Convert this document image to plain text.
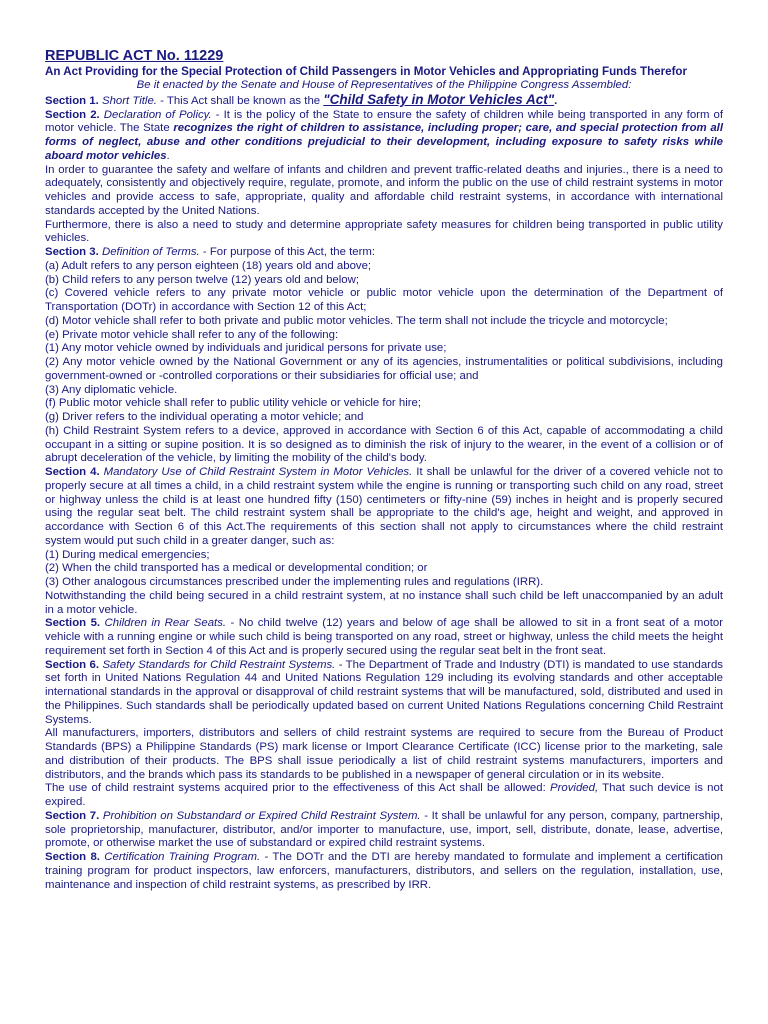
REPUBLIC ACT No. 11229

An Act Providing for the Special Protection of Child Passengers in Motor Vehicles and Appropriating Funds Therefor

Be it enacted by the Senate and House of Representatives of the Philippine Congress Assembled:

Section 1. Short Title. - This Act shall be known as the "Child Safety in Motor Vehicles Act".

Section 2. Declaration of Policy. - It is the policy of the State to ensure the safety of children while being transported in any form of motor vehicle. The State recognizes the right of children to assistance, including proper; care, and special protection from all forms of neglect, abuse and other conditions prejudicial to their development, including exposure to safety risks while aboard motor vehicles.

In order to guarantee the safety and welfare of infants and children and prevent traffic-related deaths and injuries., there is a need to adequately, consistently and objectively require, regulate, promote, and inform the public on the use of child restraint systems in motor vehicles and provide access to safe, appropriate, quality and affordable child restraint systems, in accordance with international standards accepted by the United Nations.

Furthermore, there is also a need to study and determine appropriate safety measures for children being transported in public utility vehicles.

Section 3. Definition of Terms. - For purpose of this Act, the term:

(a) Adult refers to any person eighteen (18) years old and above;

(b) Child refers to any person twelve (12) years old and below;

(c) Covered vehicle refers to any private motor vehicle or public motor vehicle upon the determination of the Department of Transportation (DOTr) in accordance with Section 12 of this Act;

(d) Motor vehicle shall refer to both private and public motor vehicles. The term shall not include the tricycle and motorcycle;

(e) Private motor vehicle shall refer to any of the following:

(1) Any motor vehicle owned by individuals and juridical persons for private use;

(2) Any motor vehicle owned by the National Government or any of its agencies, instrumentalities or political subdivisions, including government-owned or -controlled corporations or their subsidiaries for official use; and

(3) Any diplomatic vehicle.

(f) Public motor vehicle shall refer to public utility vehicle or vehicle for hire;

(g) Driver refers to the individual operating a motor vehicle; and

(h) Child Restraint System refers to a device, approved in accordance with Section 6 of this Act, capable of accommodating a child occupant in a sitting or supine position. It is so designed as to diminish the risk of injury to the wearer, in the event of a collision or of abrupt deceleration of the vehicle, by limiting the mobility of the child's body.

Section 4. Mandatory Use of Child Restraint System in Motor Vehicles. It shall be unlawful for the driver of a covered vehicle not to properly secure at all times a child, in a child restraint system while the engine is running or transporting such child on any road, street or highway unless the child is at least one hundred fifty (150) centimeters or fifty-nine (59) inches in height and is properly secured using the regular seat belt. The child restraint system shall be appropriate to the child's age, height and weight, and approved in accordance with Section 6 of this Act.The requirements of this section shall not apply to circumstances where the child restraint system would put such child in a greater danger, such as:

(1) During medical emergencies;

(2) When the child transported has a medical or developmental condition; or

(3) Other analogous circumstances prescribed under the implementing rules and regulations (IRR).

Notwithstanding the child being secured in a child restraint system, at no instance shall such child be left unaccompanied by an adult in a motor vehicle.

Section 5. Children in Rear Seats. - No child twelve (12) years and below of age shall be allowed to sit in a front seat of a motor vehicle with a running engine or while such child is being transported on any road, street or highway, unless the child meets the height requirement set forth in Section 4 of this Act and is properly secured using the regular seat belt in the front seat.

Section 6. Safety Standards for Child Restraint Systems. - The Department of Trade and Industry (DTI) is mandated to use standards set forth in United Nations Regulation 44 and United Nations Regulation 129 including its evolving standards and other acceptable international standards in the approval or disapproval of child restraint systems that will be manufactured, sold, distributed and used in the Philippines. Such standards shall be periodically updated based on current United Nations Regulations concerning Child Restraint Systems.

All manufacturers, importers, distributors and sellers of child restraint systems are required to secure from the Bureau of Product Standards (BPS) a Philippine Standards (PS) mark license or Import Clearance Certificate (ICC) license prior to the marketing, sale and distribution of their products. The BPS shall issue periodically a list of child restraint systems manufacturers, importers and distributors, and the brands which pass its standards to be published in a newspaper of general circulation or in its website.

The use of child restraint systems acquired prior to the effectiveness of this Act shall be allowed: Provided, That such device is not expired.

Section 7. Prohibition on Substandard or Expired Child Restraint System. - It shall be unlawful for any person, company, partnership, sole proprietorship, manufacturer, distributor, and/or importer to manufacture, use, import, sell, distribute, donate, lease, advertise, promote, or otherwise market the use of substandard or expired child restraint systems.

Section 8. Certification Training Program. - The DOTr and the DTI are hereby mandated to formulate and implement a certification training program for product inspectors, law enforcers, manufacturers, distributors, and sellers on the regulation, installation, use, maintenance and inspection of child restraint systems, as prescribed by IRR.
